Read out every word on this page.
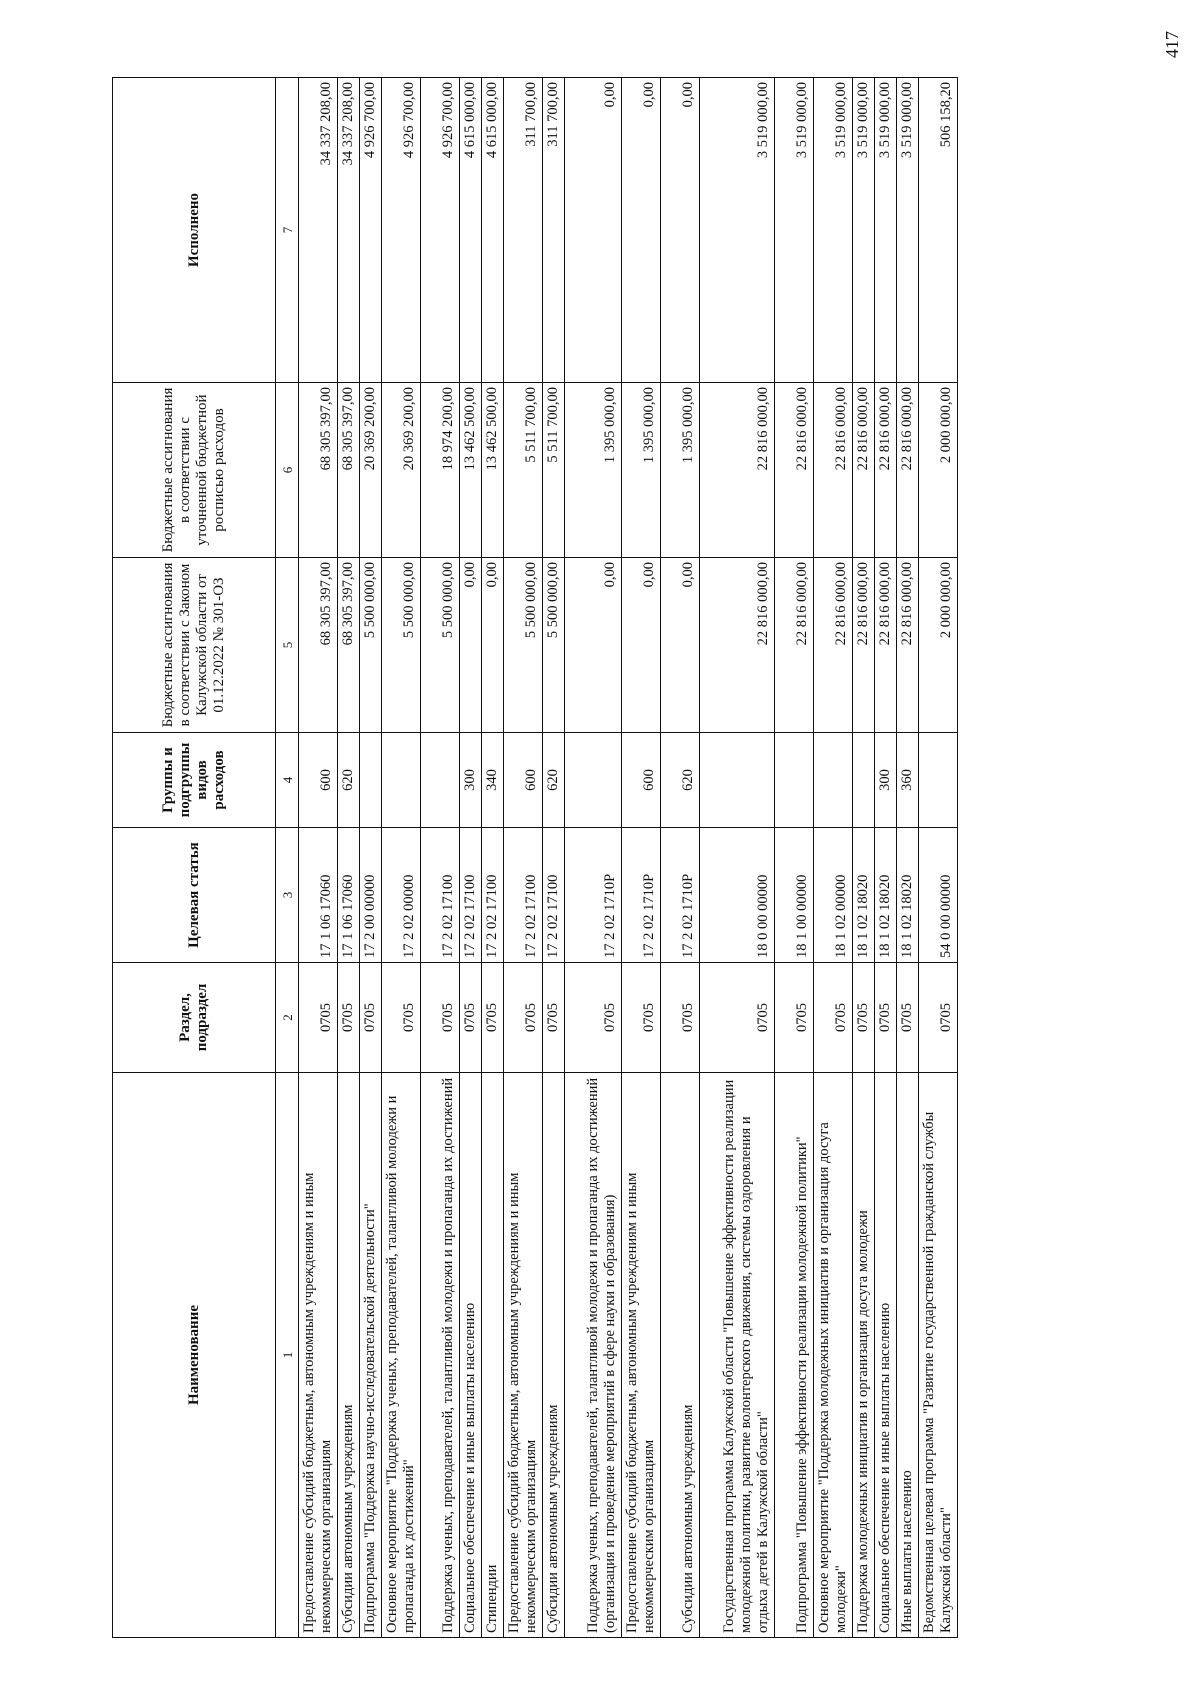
417
Наименование	Раздел, подраздел	Целевая статья	Группы и подгруппы видов расходов	Бюджетные ассигнования в соответствии с Законом Калужской области от 01.12.2022 № 301-ОЗ	Бюджетные ассигнования в соответствии с уточненной бюджетной росписью расходов	Исполнено
1	2	3	4	5	6	7
Предоставление субсидий бюджетным, автономным учреждениям и иным некоммерческим организациям	0705	17 1 06 17060	600	68 305 397,00	68 305 397,00	34 337 208,00
Субсидии автономным учреждениям	0705	17 1 06 17060	620	68 305 397,00	68 305 397,00	34 337 208,00
Подпрограмма "Поддержка научно-исследовательской деятельности"	0705	17 2 00 00000		5 500 000,00	20 369 200,00	4 926 700,00
Основное мероприятие "Поддержка ученых, преподавателей, талантливой молодежи и пропаганда их достижений"	0705	17 2 02 00000		5 500 000,00	20 369 200,00	4 926 700,00
Поддержка ученых, преподавателей, талантливой молодежи и пропаганда их достижений	0705	17 2 02 17100		5 500 000,00	18 974 200,00	4 926 700,00
Социальное обеспечение и иные выплаты населению	0705	17 2 02 17100	300	0,00	13 462 500,00	4 615 000,00
Стипендии	0705	17 2 02 17100	340	0,00	13 462 500,00	4 615 000,00
Предоставление субсидий бюджетным, автономным учреждениям и иным некоммерческим организациям	0705	17 2 02 17100	600	5 500 000,00	5 511 700,00	311 700,00
Субсидии автономным учреждениям	0705	17 2 02 17100	620	5 500 000,00	5 511 700,00	311 700,00
Поддержка ученых, преподавателей, талантливой молодежи и пропаганда их достижений (организация и проведение мероприятий в сфере науки и образования)	0705	17 2 02 1710Р		0,00	1 395 000,00	0,00
Предоставление субсидий бюджетным, автономным учреждениям и иным некоммерческим организациям	0705	17 2 02 1710Р	600	0,00	1 395 000,00	0,00
Субсидии автономным учреждениям	0705	17 2 02 1710Р	620	0,00	1 395 000,00	0,00
Государственная программа Калужской области "Повышение эффективности реализации молодежной политики, развитие волонтерского движения, системы оздоровления и отдыха детей в Калужской области"	0705	18 0 00 00000		22 816 000,00	22 816 000,00	3 519 000,00
Подпрограмма "Повышение эффективности реализации молодежной политики"	0705	18 1 00 00000		22 816 000,00	22 816 000,00	3 519 000,00
Основное мероприятие "Поддержка молодежных инициатив и организация досуга молодежи"	0705	18 1 02 00000		22 816 000,00	22 816 000,00	3 519 000,00
Поддержка молодежных инициатив и организация досуга молодежи	0705	18 1 02 18020		22 816 000,00	22 816 000,00	3 519 000,00
Социальное обеспечение и иные выплаты населению	0705	18 1 02 18020	300	22 816 000,00	22 816 000,00	3 519 000,00
Иные выплаты населению	0705	18 1 02 18020	360	22 816 000,00	22 816 000,00	3 519 000,00
Ведомственная целевая программа "Развитие государственной гражданской службы Калужской области"	0705	54 0 00 00000		2 000 000,00	2 000 000,00	506 158,20
